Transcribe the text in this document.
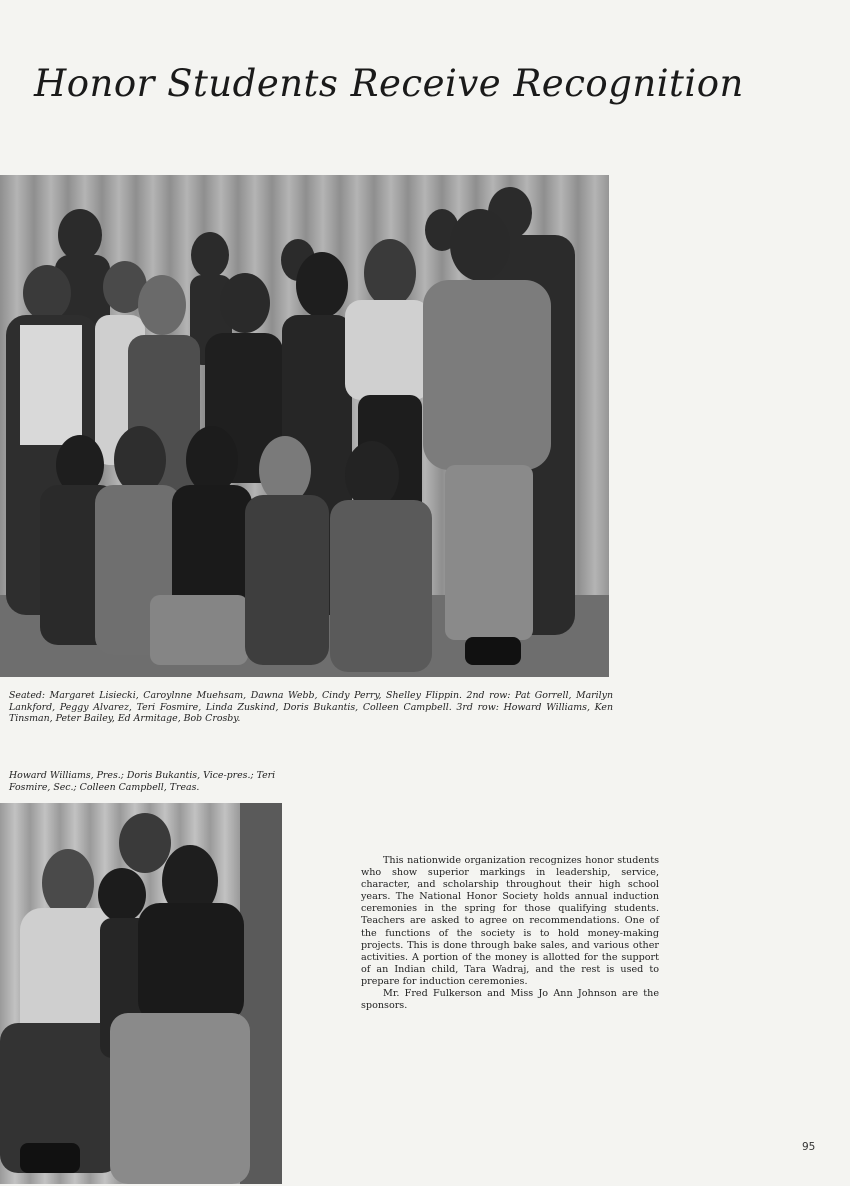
Honor Students Receive Recognition

Seated: Margaret Lisiecki, Caroylnne Muehsam, Dawna Webb, Cindy Perry, Shelley Flippin. 2nd row: Pat Gorrell, Marilyn Lankford, Peggy Alvarez, Teri Fosmire, Linda Zuskind, Doris Bukantis, Colleen Campbell. 3rd row: Howard Williams, Ken Tinsman, Peter Bailey, Ed Armitage, Bob Crosby.

Howard Williams, Pres.; Doris Bukantis, Vice-pres.; Teri Fosmire, Sec.; Colleen Campbell, Treas.

This nationwide organization recognizes honor students who show superior markings in leadership, service, character, and scholarship throughout their high school years. The National Honor Society holds annual induction ceremonies in the spring for those qualifying students. Teachers are asked to agree on recommendations. One of the functions of the society is to hold money-making projects. This is done through bake sales, and various other activities. A portion of the money is allotted for the support of an Indian child, Tara Wadraj, and the rest is used to prepare for induction ceremonies.

Mr. Fred Fulkerson and Miss Jo Ann Johnson are the sponsors.

95
